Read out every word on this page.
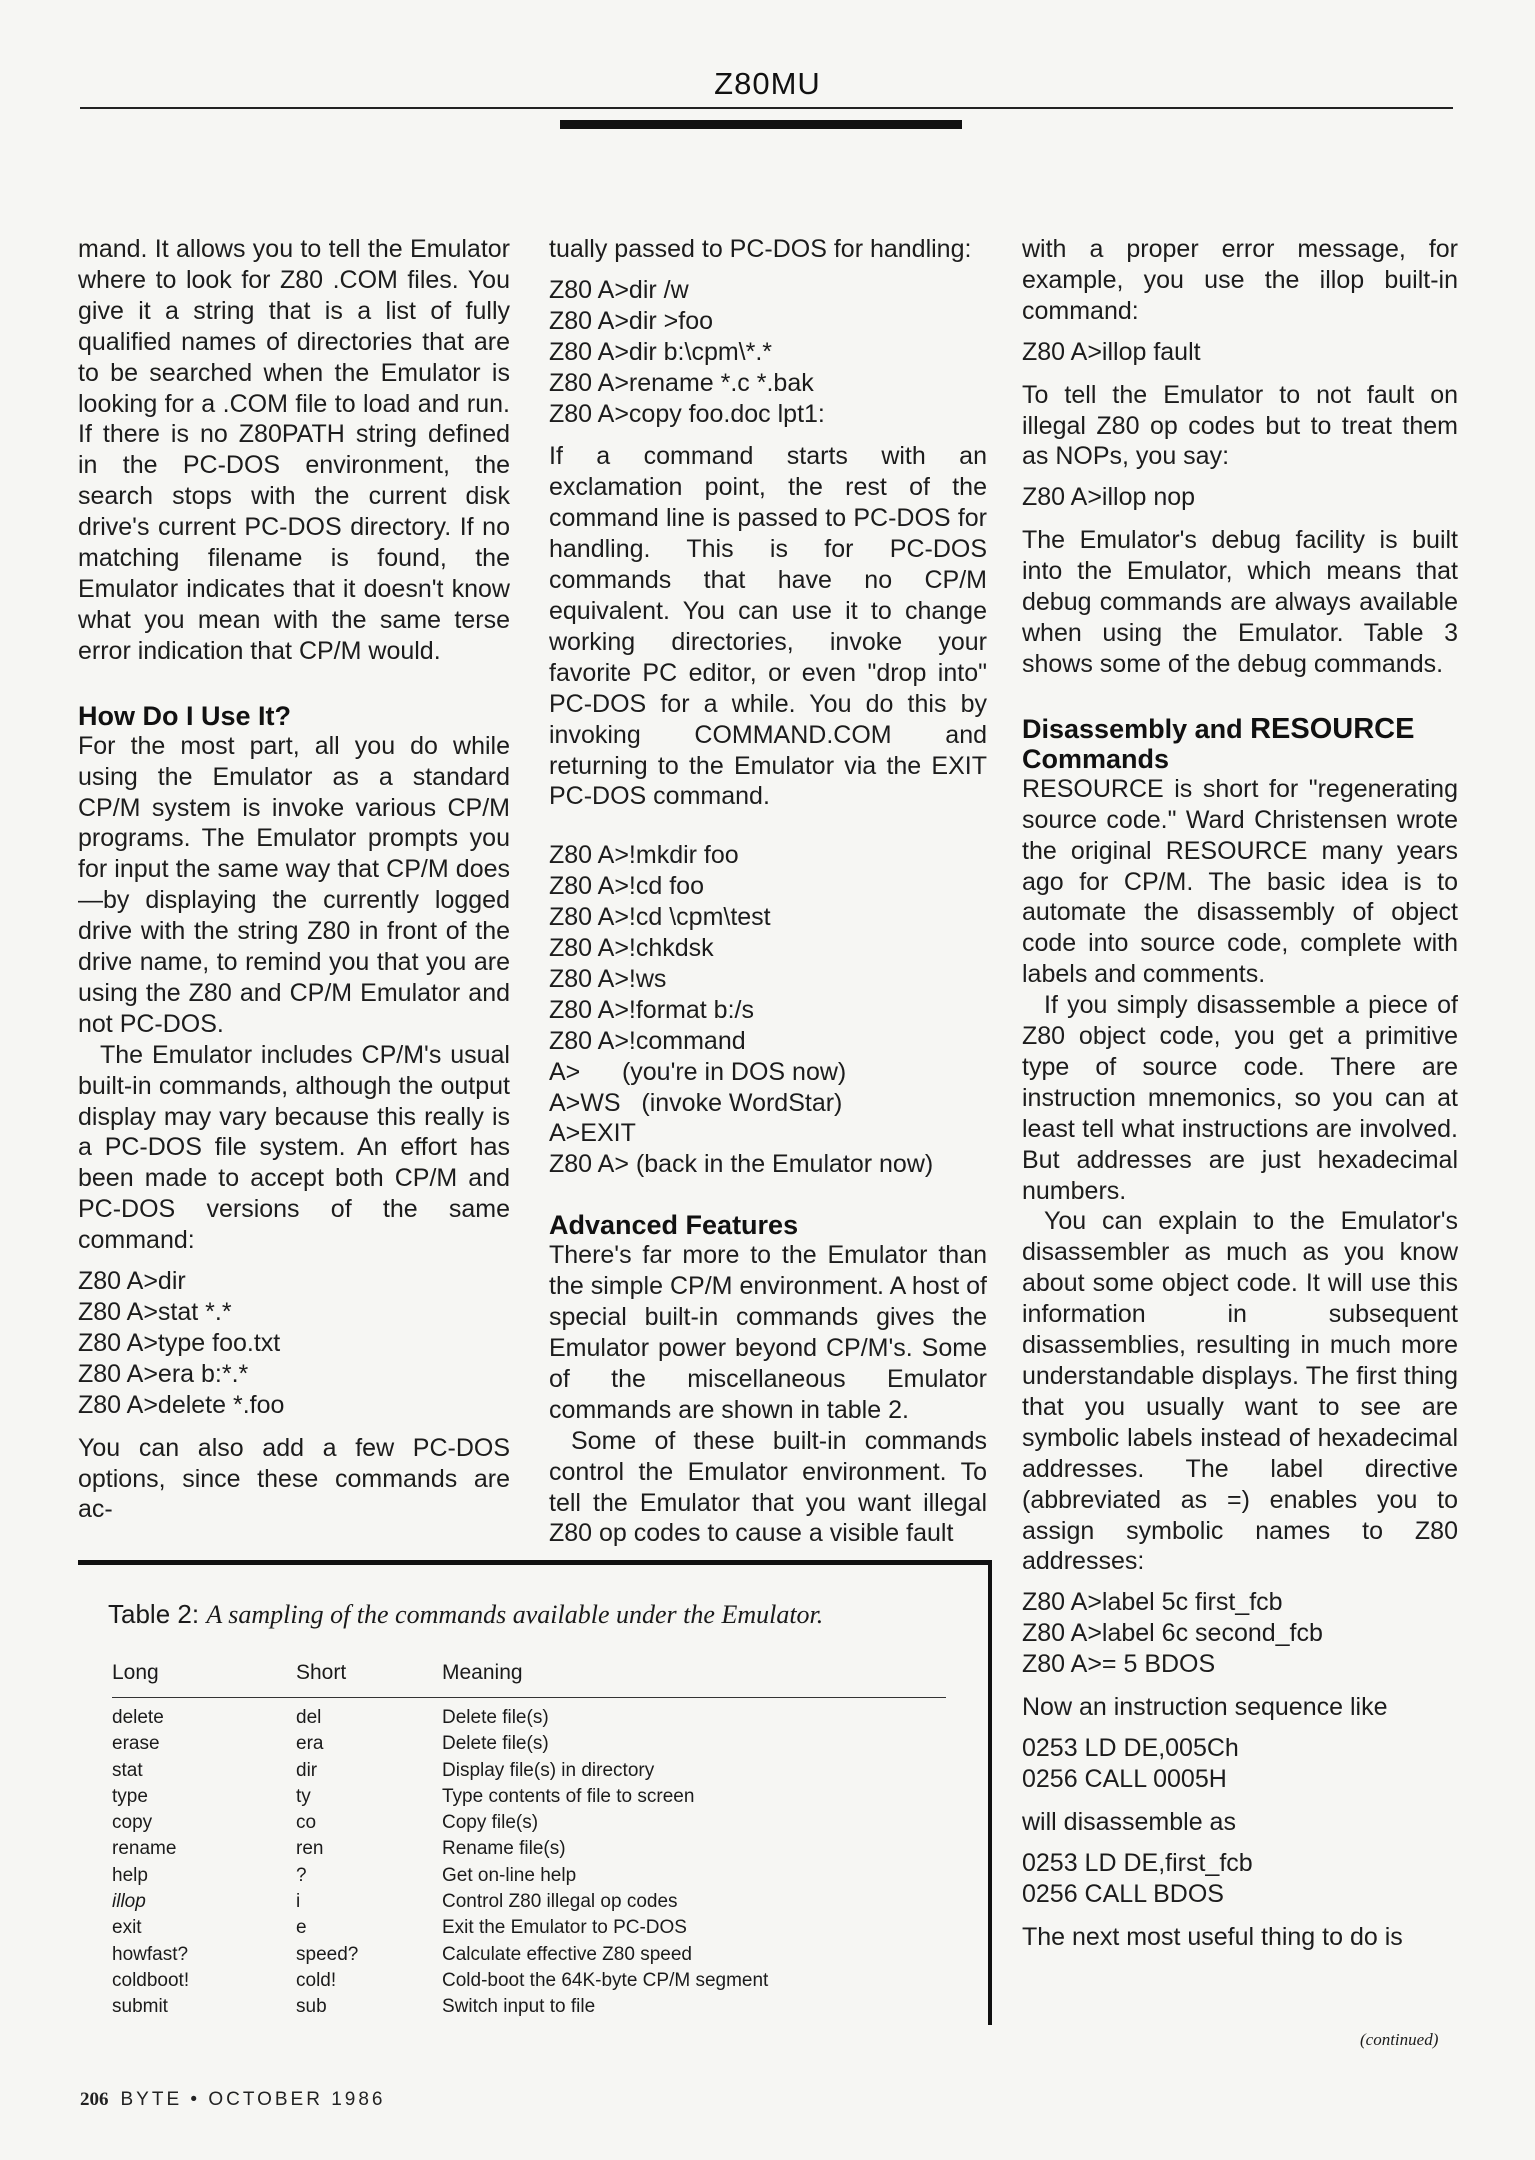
Z80MU

mand. It allows you to tell the Emulator where to look for Z80 .COM files. You give it a string that is a list of fully qualified names of directories that are to be searched when the Emulator is looking for a .COM file to load and run. If there is no Z80PATH string defined in the PC-DOS environment, the search stops with the current disk drive's current PC-DOS directory. If no matching filename is found, the Emulator indicates that it doesn't know what you mean with the same terse error indication that CP/M would.

How Do I Use It?

For the most part, all you do while using the Emulator as a standard CP/M system is invoke various CP/M programs. The Emulator prompts you for input the same way that CP/M does—by displaying the currently logged drive with the string Z80 in front of the drive name, to remind you that you are using the Z80 and CP/M Emulator and not PC-DOS.

The Emulator includes CP/M's usual built-in commands, although the output display may vary because this really is a PC-DOS file system. An effort has been made to accept both CP/M and PC-DOS versions of the same command:

Z80 A>dir
Z80 A>stat *.*
Z80 A>type foo.txt
Z80 A>era b:*.*
Z80 A>delete *.foo

You can also add a few PC-DOS options, since these commands are ac-

tually passed to PC-DOS for handling:

Z80 A>dir /w
Z80 A>dir >foo
Z80 A>dir b:\cpm\*.*
Z80 A>rename *.c *.bak
Z80 A>copy foo.doc lpt1:

If a command starts with an exclamation point, the rest of the command line is passed to PC-DOS for handling. This is for PC-DOS commands that have no CP/M equivalent. You can use it to change working directories, invoke your favorite PC editor, or even "drop into" PC-DOS for a while. You do this by invoking COMMAND.COM and returning to the Emulator via the EXIT PC-DOS command.

Z80 A>!mkdir foo
Z80 A>!cd foo
Z80 A>!cd \cpm\test
Z80 A>!chkdsk
Z80 A>!ws
Z80 A>!format b:/s
Z80 A>!command
A>      (you're in DOS now)
A>WS   (invoke WordStar)
A>EXIT
Z80 A> (back in the Emulator now)
Advanced Features

There's far more to the Emulator than the simple CP/M environment. A host of special built-in commands gives the Emulator power beyond CP/M's. Some of the miscellaneous Emulator commands are shown in table 2.

Some of these built-in commands control the Emulator environment. To tell the Emulator that you want illegal Z80 op codes to cause a visible fault

with a proper error message, for example, you use the illop built-in command:

Z80 A>illop fault

To tell the Emulator to not fault on illegal Z80 op codes but to treat them as NOPs, you say:

Z80 A>illop nop

The Emulator's debug facility is built into the Emulator, which means that debug commands are always available when using the Emulator. Table 3 shows some of the debug commands.

Disassembly and RESOURCE
Commands

RESOURCE is short for "regenerating source code." Ward Christensen wrote the original RESOURCE many years ago for CP/M. The basic idea is to automate the disassembly of object code into source code, complete with labels and comments.

If you simply disassemble a piece of Z80 object code, you get a primitive type of source code. There are instruction mnemonics, so you can at least tell what instructions are involved. But addresses are just hexadecimal numbers.

You can explain to the Emulator's disassembler as much as you know about some object code. It will use this information in subsequent disassemblies, resulting in much more understandable displays. The first thing that you usually want to see are symbolic labels instead of hexadecimal addresses. The label directive (abbreviated as =) enables you to assign symbolic names to Z80 addresses:

Z80 A>label 5c first_fcb
Z80 A>label 6c second_fcb
Z80 A>= 5 BDOS

Now an instruction sequence like

0253 LD DE,005Ch
0256 CALL 0005H

will disassemble as

0253 LD DE,first_fcb
0256 CALL BDOS

The next most useful thing to do is

(continued)
Table 2: A sampling of the commands available under the Emulator.
Long	Short	Meaning
delete	del	Delete file(s)
erase	era	Delete file(s)
stat	dir	Display file(s) in directory
type	ty	Type contents of file to screen
copy	co	Copy file(s)
rename	ren	Rename file(s)
help	?	Get on-line help
illop	i	Control Z80 illegal op codes
exit	e	Exit the Emulator to PC-DOS
howfast?	speed?	Calculate effective Z80 speed
coldboot!	cold!	Cold-boot the 64K-byte CP/M segment
submit	sub	Switch input to file
206 BYTE • OCTOBER 1986
